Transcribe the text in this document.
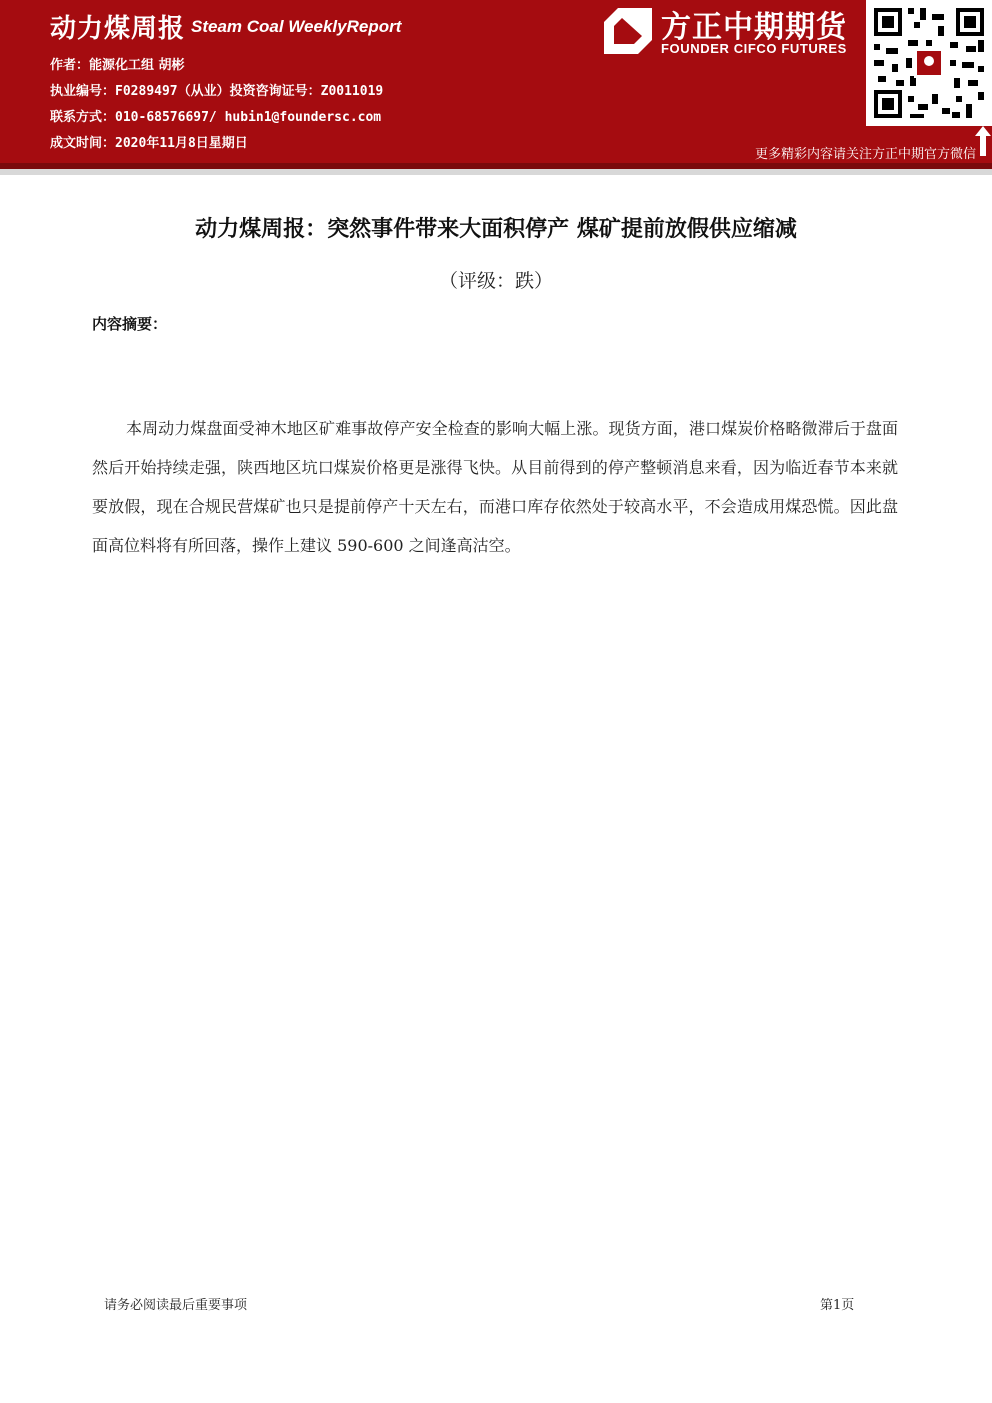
动力煤周报 Steam Coal WeeklyReport
作者：能源化工组 胡彬
执业编号：F0289497（从业）投资咨询证号：Z0011019
联系方式：010-68576697/ hubin1@foundersc.com
成文时间：2020年11月8日星期日
方正中期期货
FOUNDER CIFCO FUTURES
更多精彩内容请关注方正中期官方微信
动力煤周报：突然事件带来大面积停产 煤矿提前放假供应缩减
（评级：跌）
内容摘要：
本周动力煤盘面受神木地区矿难事故停产安全检查的影响大幅上涨。现货方面，港口煤炭价格略微滞后于盘面然后开始持续走强，陕西地区坑口煤炭价格更是涨得飞快。从目前得到的停产整顿消息来看，因为临近春节本来就要放假，现在合规民营煤矿也只是提前停产十天左右，而港口库存依然处于较高水平，不会造成用煤恐慌。因此盘面高位料将有所回落，操作上建议 590-600 之间逢高沽空。
请务必阅读最后重要事项	第1页
